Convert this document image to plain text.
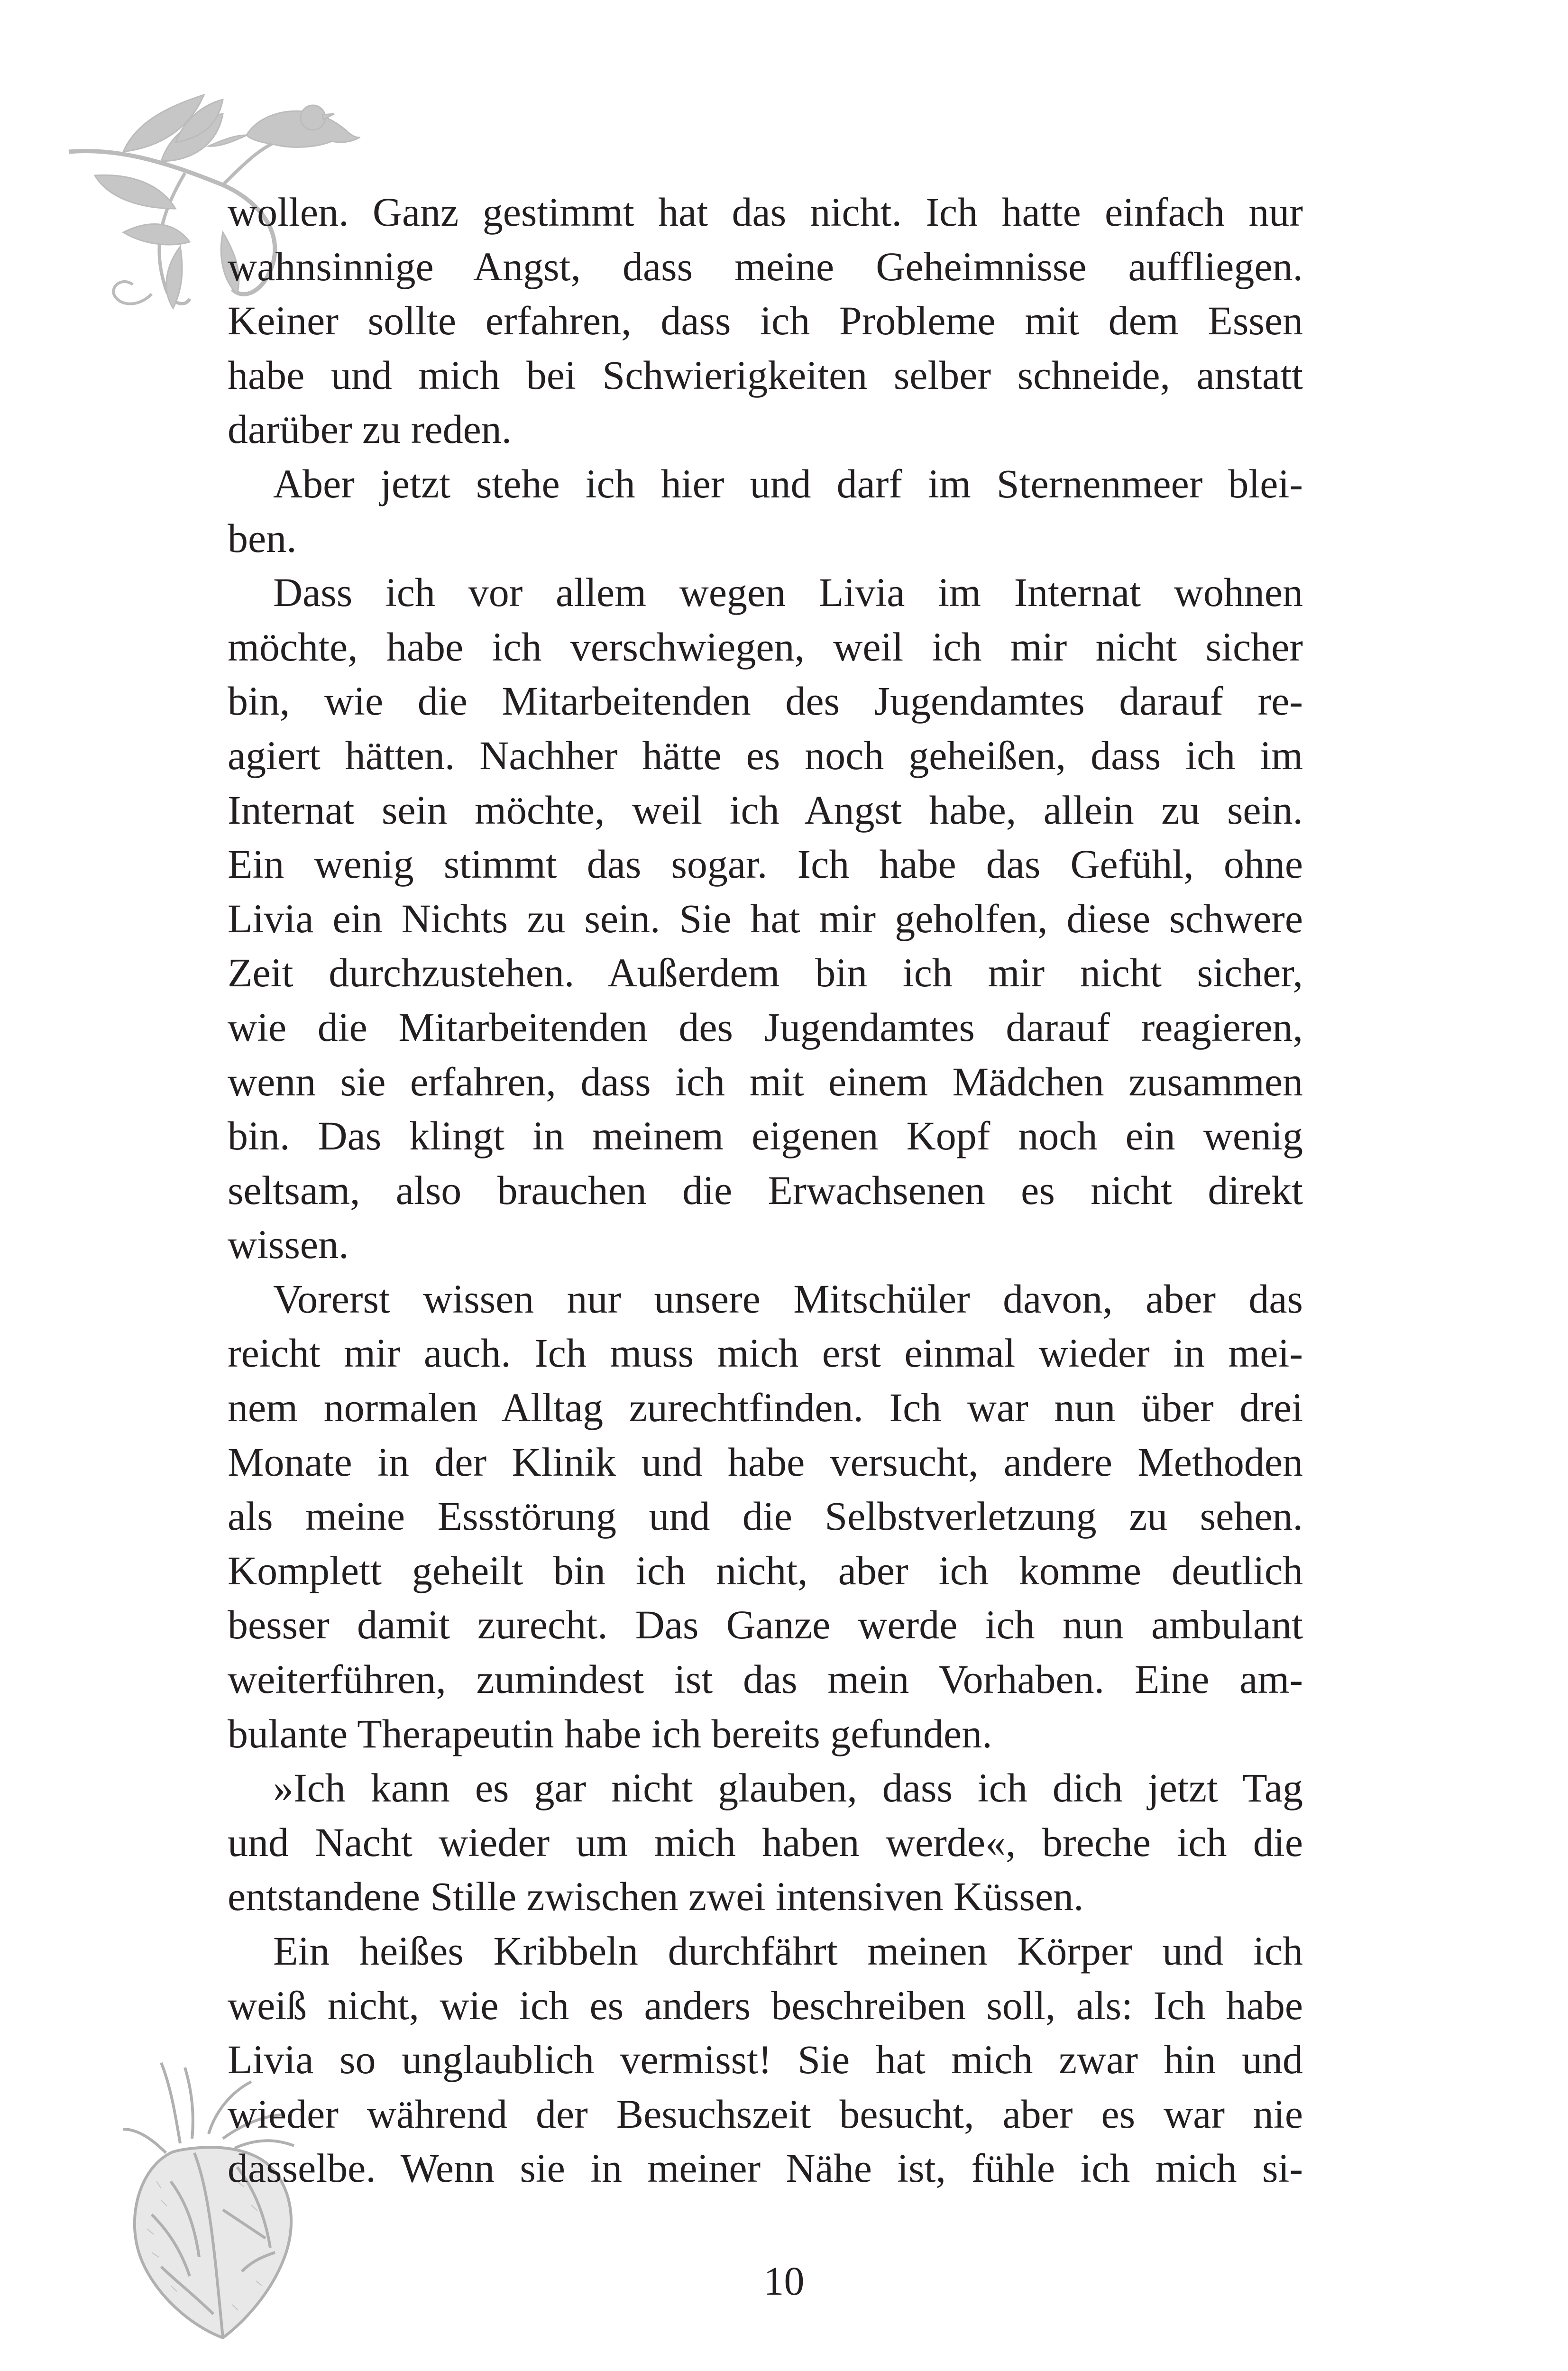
wollen. Ganz gestimmt hat das nicht. Ich hatte einfach nur
wahnsinnige Angst, dass meine Geheimnisse auffliegen.
Keiner sollte erfahren, dass ich Probleme mit dem Essen
habe und mich bei Schwierigkeiten selber schneide, anstatt
darüber zu reden.
Aber jetzt stehe ich hier und darf im Sternenmeer blei-
ben.
Dass ich vor allem wegen Livia im Internat wohnen
möchte, habe ich verschwiegen, weil ich mir nicht sicher
bin, wie die Mitarbeitenden des Jugendamtes darauf re-
agiert hätten. Nachher hätte es noch geheißen, dass ich im
Internat sein möchte, weil ich Angst habe, allein zu sein.
Ein wenig stimmt das sogar. Ich habe das Gefühl, ohne
Livia ein Nichts zu sein. Sie hat mir geholfen, diese schwere
Zeit durchzustehen. Außerdem bin ich mir nicht sicher,
wie die Mitarbeitenden des Jugendamtes darauf reagieren,
wenn sie erfahren, dass ich mit einem Mädchen zusammen
bin. Das klingt in meinem eigenen Kopf noch ein wenig
seltsam, also brauchen die Erwachsenen es nicht direkt
wissen.
Vorerst wissen nur unsere Mitschüler davon, aber das
reicht mir auch. Ich muss mich erst einmal wieder in mei-
nem normalen Alltag zurechtfinden. Ich war nun über drei
Monate in der Klinik und habe versucht, andere Methoden
als meine Essstörung und die Selbstverletzung zu sehen.
Komplett geheilt bin ich nicht, aber ich komme deutlich
besser damit zurecht. Das Ganze werde ich nun ambulant
weiterführen, zumindest ist das mein Vorhaben. Eine am-
bulante Therapeutin habe ich bereits gefunden.
»Ich kann es gar nicht glauben, dass ich dich jetzt Tag
und Nacht wieder um mich haben werde«, breche ich die
entstandene Stille zwischen zwei intensiven Küssen.
Ein heißes Kribbeln durchfährt meinen Körper und ich
weiß nicht, wie ich es anders beschreiben soll, als: Ich habe
Livia so unglaublich vermisst! Sie hat mich zwar hin und
wieder während der Besuchszeit besucht, aber es war nie
dasselbe. Wenn sie in meiner Nähe ist, fühle ich mich si-
10
